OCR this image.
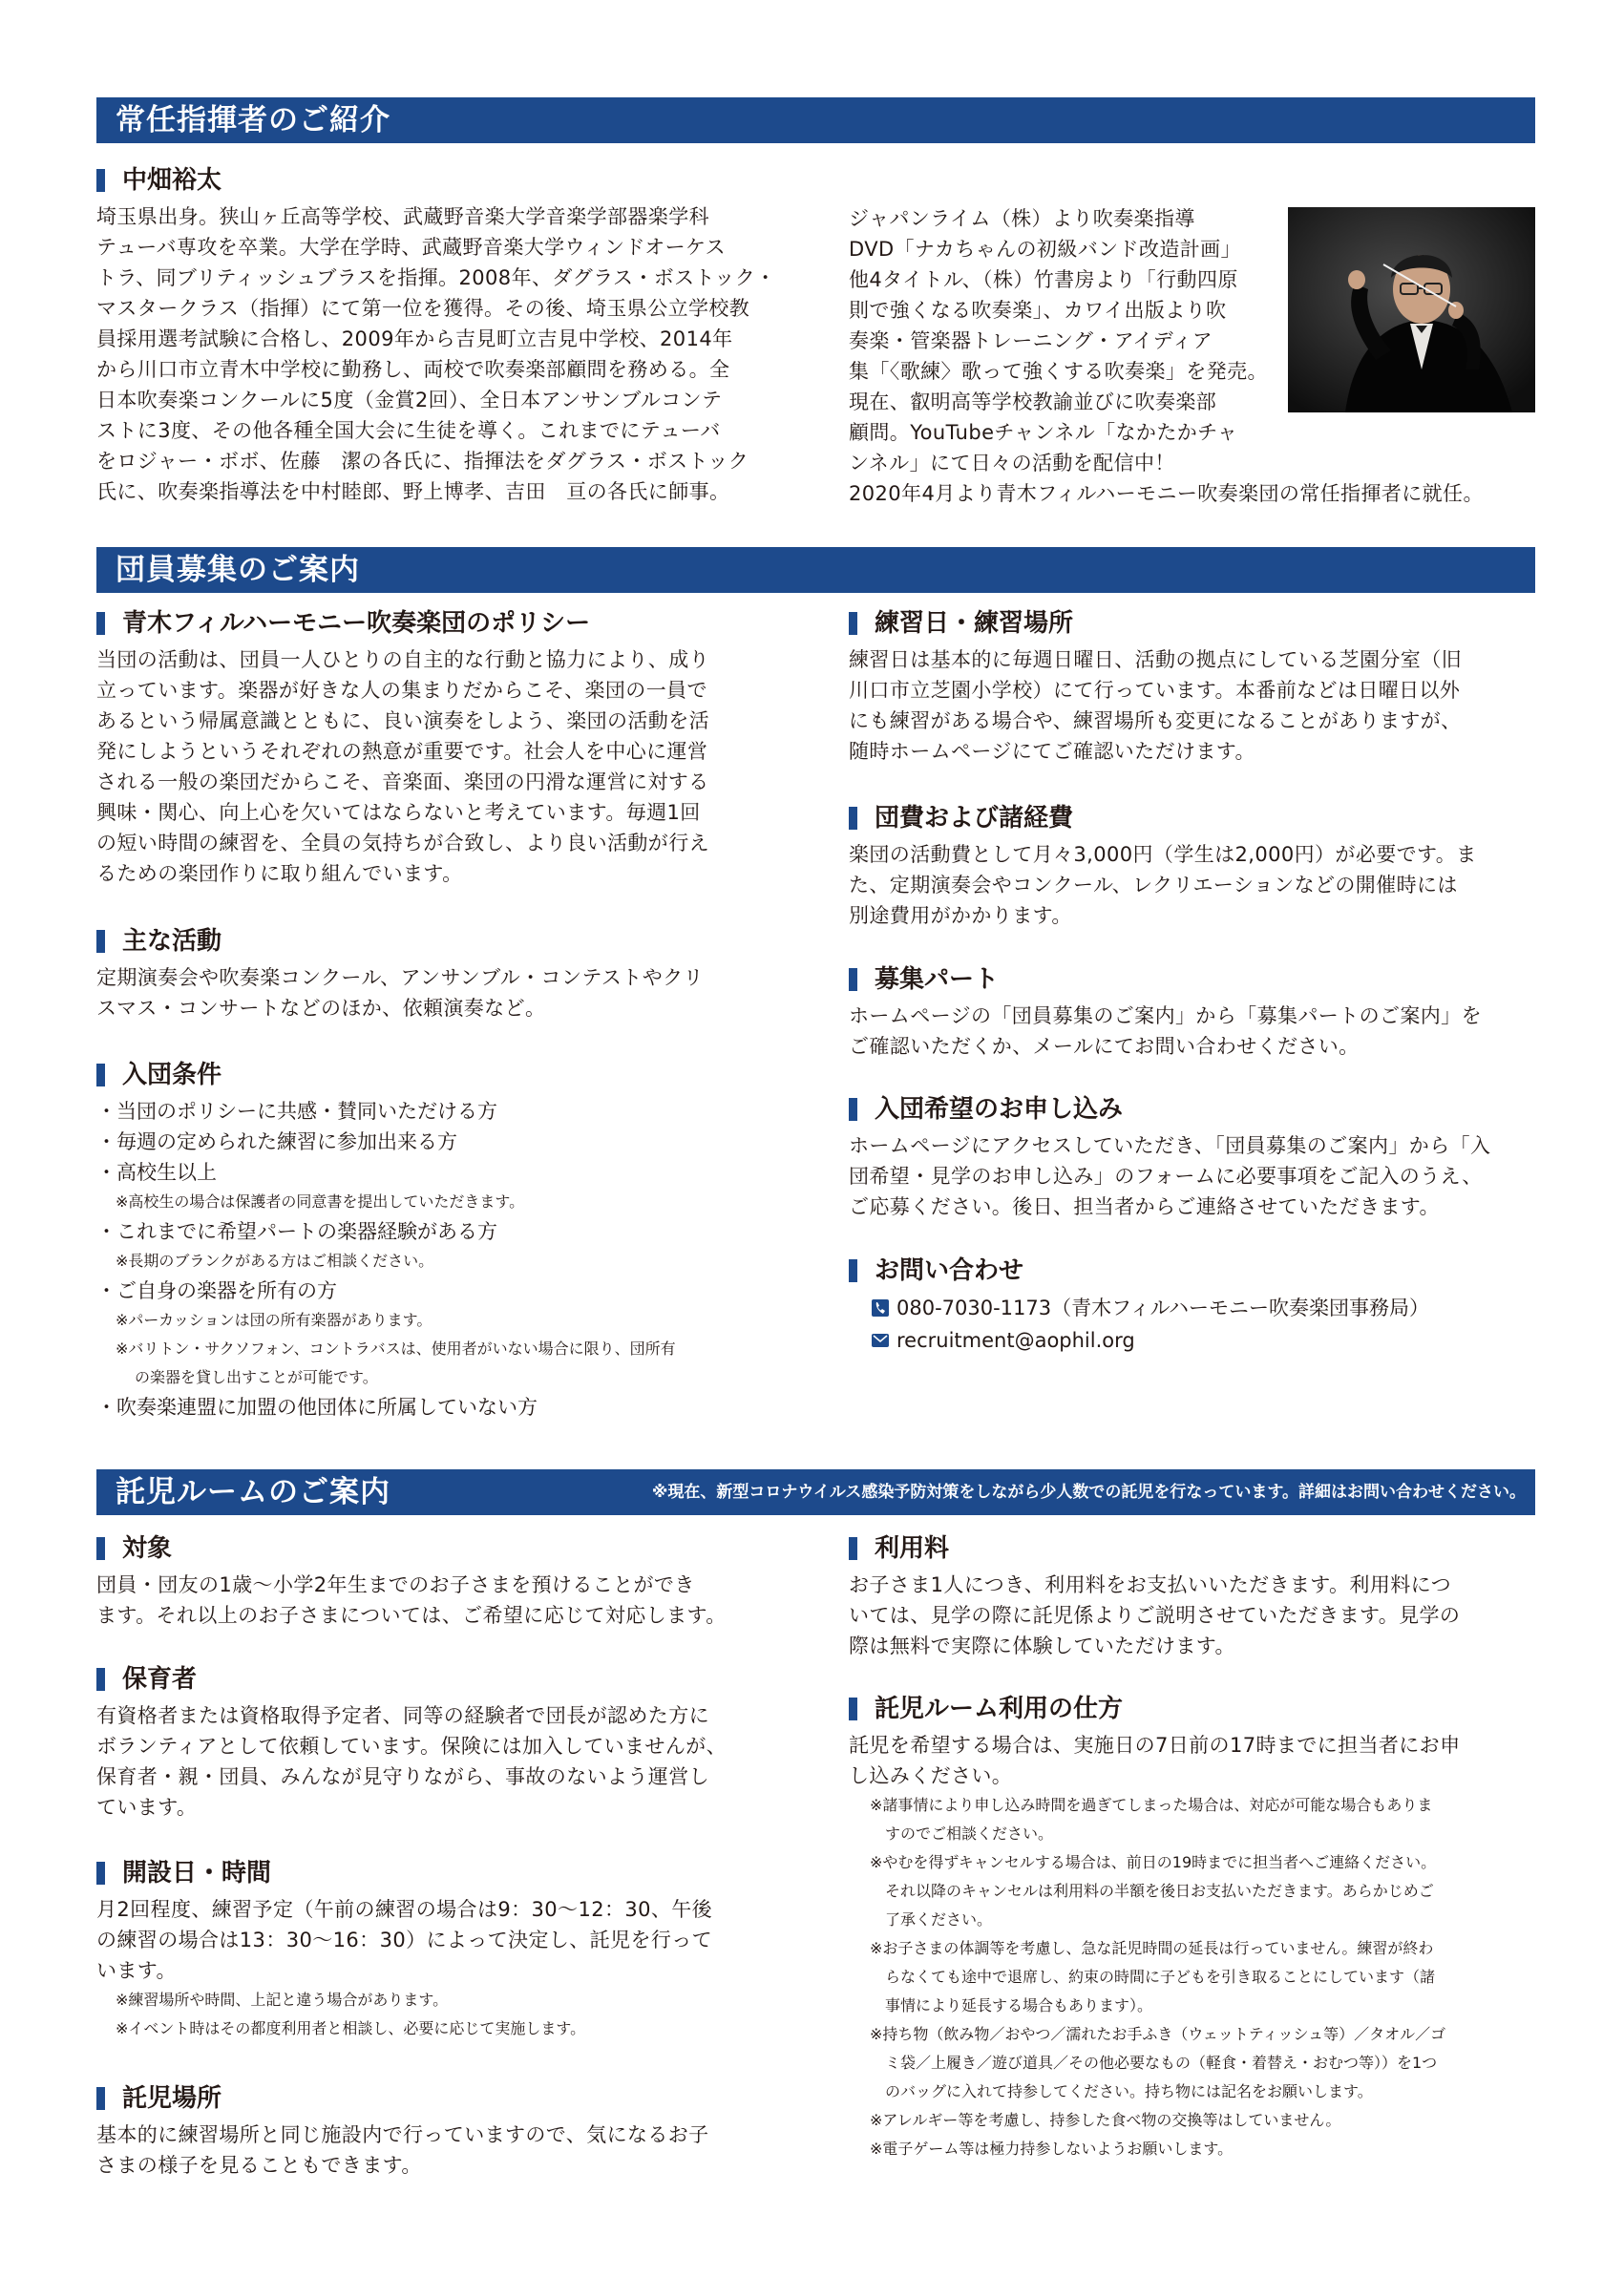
常任指揮者のご紹介
中畑裕太
埼玉県出身。狭山ヶ丘高等学校、武蔵野音楽大学音楽学部器楽学科
テューバ専攻を卒業。大学在学時、武蔵野音楽大学ウィンドオーケス
トラ、同ブリティッシュブラスを指揮。2008年、ダグラス・ボストック・
マスタークラス（指揮）にて第一位を獲得。その後、埼玉県公立学校教
員採用選考試験に合格し、2009年から吉見町立吉見中学校、2014年
から川口市立青木中学校に勤務し、両校で吹奏楽部顧問を務める。全
日本吹奏楽コンクールに5度（金賞2回）、全日本アンサンブルコンテ
ストに3度、その他各種全国大会に生徒を導く。これまでにテューバ
をロジャー・ボボ、佐藤　潔の各氏に、指揮法をダグラス・ボストック
氏に、吹奏楽指導法を中村睦郎、野上博孝、吉田　亘の各氏に師事。
ジャパンライム（株）より吹奏楽指導
DVD「ナカちゃんの初級バンド改造計画」
他4タイトル、（株）竹書房より「行動四原
則で強くなる吹奏楽」、カワイ出版より吹
奏楽・管楽器トレーニング・アイディア
集「〈歌練〉歌って強くする吹奏楽」を発売。
現在、叡明高等学校教諭並びに吹奏楽部
顧問。YouTubeチャンネル「なかたかチャ
ンネル」にて日々の活動を配信中！
2020年4月より青木フィルハーモニー吹奏楽団の常任指揮者に就任。
団員募集のご案内
青木フィルハーモニー吹奏楽団のポリシー
当団の活動は、団員一人ひとりの自主的な行動と協力により、成り
立っています。楽器が好きな人の集まりだからこそ、楽団の一員で
あるという帰属意識とともに、良い演奏をしよう、楽団の活動を活
発にしようというそれぞれの熱意が重要です。社会人を中心に運営
される一般の楽団だからこそ、音楽面、楽団の円滑な運営に対する
興味・関心、向上心を欠いてはならないと考えています。毎週1回
の短い時間の練習を、全員の気持ちが合致し、より良い活動が行え
るための楽団作りに取り組んでいます。
主な活動
定期演奏会や吹奏楽コンクール、アンサンブル・コンテストやクリ
スマス・コンサートなどのほか、依頼演奏など。
入団条件
・当団のポリシーに共感・賛同いただける方
・毎週の定められた練習に参加出来る方
・高校生以上
※高校生の場合は保護者の同意書を提出していただきます。
・これまでに希望パートの楽器経験がある方
※長期のブランクがある方はご相談ください。
・ご自身の楽器を所有の方
※パーカッションは団の所有楽器があります。
※バリトン・サクソフォン、コントラバスは、使用者がいない場合に限り、団所有
の楽器を貸し出すことが可能です。
・吹奏楽連盟に加盟の他団体に所属していない方
練習日・練習場所
練習日は基本的に毎週日曜日、活動の拠点にしている芝園分室（旧
川口市立芝園小学校）にて行っています。本番前などは日曜日以外
にも練習がある場合や、練習場所も変更になることがありますが、
随時ホームページにてご確認いただけます。
団費および諸経費
楽団の活動費として月々3,000円（学生は2,000円）が必要です。ま
た、定期演奏会やコンクール、レクリエーションなどの開催時には
別途費用がかかります。
募集パート
ホームページの「団員募集のご案内」から「募集パートのご案内」を
ご確認いただくか、メールにてお問い合わせください。
入団希望のお申し込み
ホームページにアクセスしていただき、「団員募集のご案内」から「入
団希望・見学のお申し込み」のフォームに必要事項をご記入のうえ、
ご応募ください。後日、担当者からご連絡させていただきます。
お問い合わせ
080-7030-1173（青木フィルハーモニー吹奏楽団事務局）
recruitment@aophil.org
託児ルームのご案内	※現在、新型コロナウイルス感染予防対策をしながら少人数での託児を行なっています。詳細はお問い合わせください。
対象
団員・団友の1歳〜小学2年生までのお子さまを預けることができ
ます。それ以上のお子さまについては、ご希望に応じて対応します。
保育者
有資格者または資格取得予定者、同等の経験者で団長が認めた方に
ボランティアとして依頼しています。保険には加入していませんが、
保育者・親・団員、みんなが見守りながら、事故のないよう運営し
ています。
開設日・時間
月2回程度、練習予定（午前の練習の場合は9：30〜12：30、午後
の練習の場合は13：30〜16：30）によって決定し、託児を行って
います。
※練習場所や時間、上記と違う場合があります。
※イベント時はその都度利用者と相談し、必要に応じて実施します。
託児場所
基本的に練習場所と同じ施設内で行っていますので、気になるお子
さまの様子を見ることもできます。
利用料
お子さま1人につき、利用料をお支払いいただきます。利用料につ
いては、見学の際に託児係よりご説明させていただきます。見学の
際は無料で実際に体験していただけます。
託児ルーム利用の仕方
託児を希望する場合は、実施日の7日前の17時までに担当者にお申
し込みください。
※諸事情により申し込み時間を過ぎてしまった場合は、対応が可能な場合もありま
　すのでご相談ください。
※やむを得ずキャンセルする場合は、前日の19時までに担当者へご連絡ください。
　それ以降のキャンセルは利用料の半額を後日お支払いただきます。あらかじめご
　了承ください。
※お子さまの体調等を考慮し、急な託児時間の延長は行っていません。練習が終わ
　らなくても途中で退席し、約束の時間に子どもを引き取ることにしています（諸
　事情により延長する場合もあります）。
※持ち物（飲み物／おやつ／濡れたお手ふき（ウェットティッシュ等）／タオル／ゴ
　ミ袋／上履き／遊び道具／その他必要なもの（軽食・着替え・おむつ等））を1つ
　のバッグに入れて持参してください。持ち物には記名をお願いします。
※アレルギー等を考慮し、持参した食べ物の交換等はしていません。
※電子ゲーム等は極力持参しないようお願いします。
